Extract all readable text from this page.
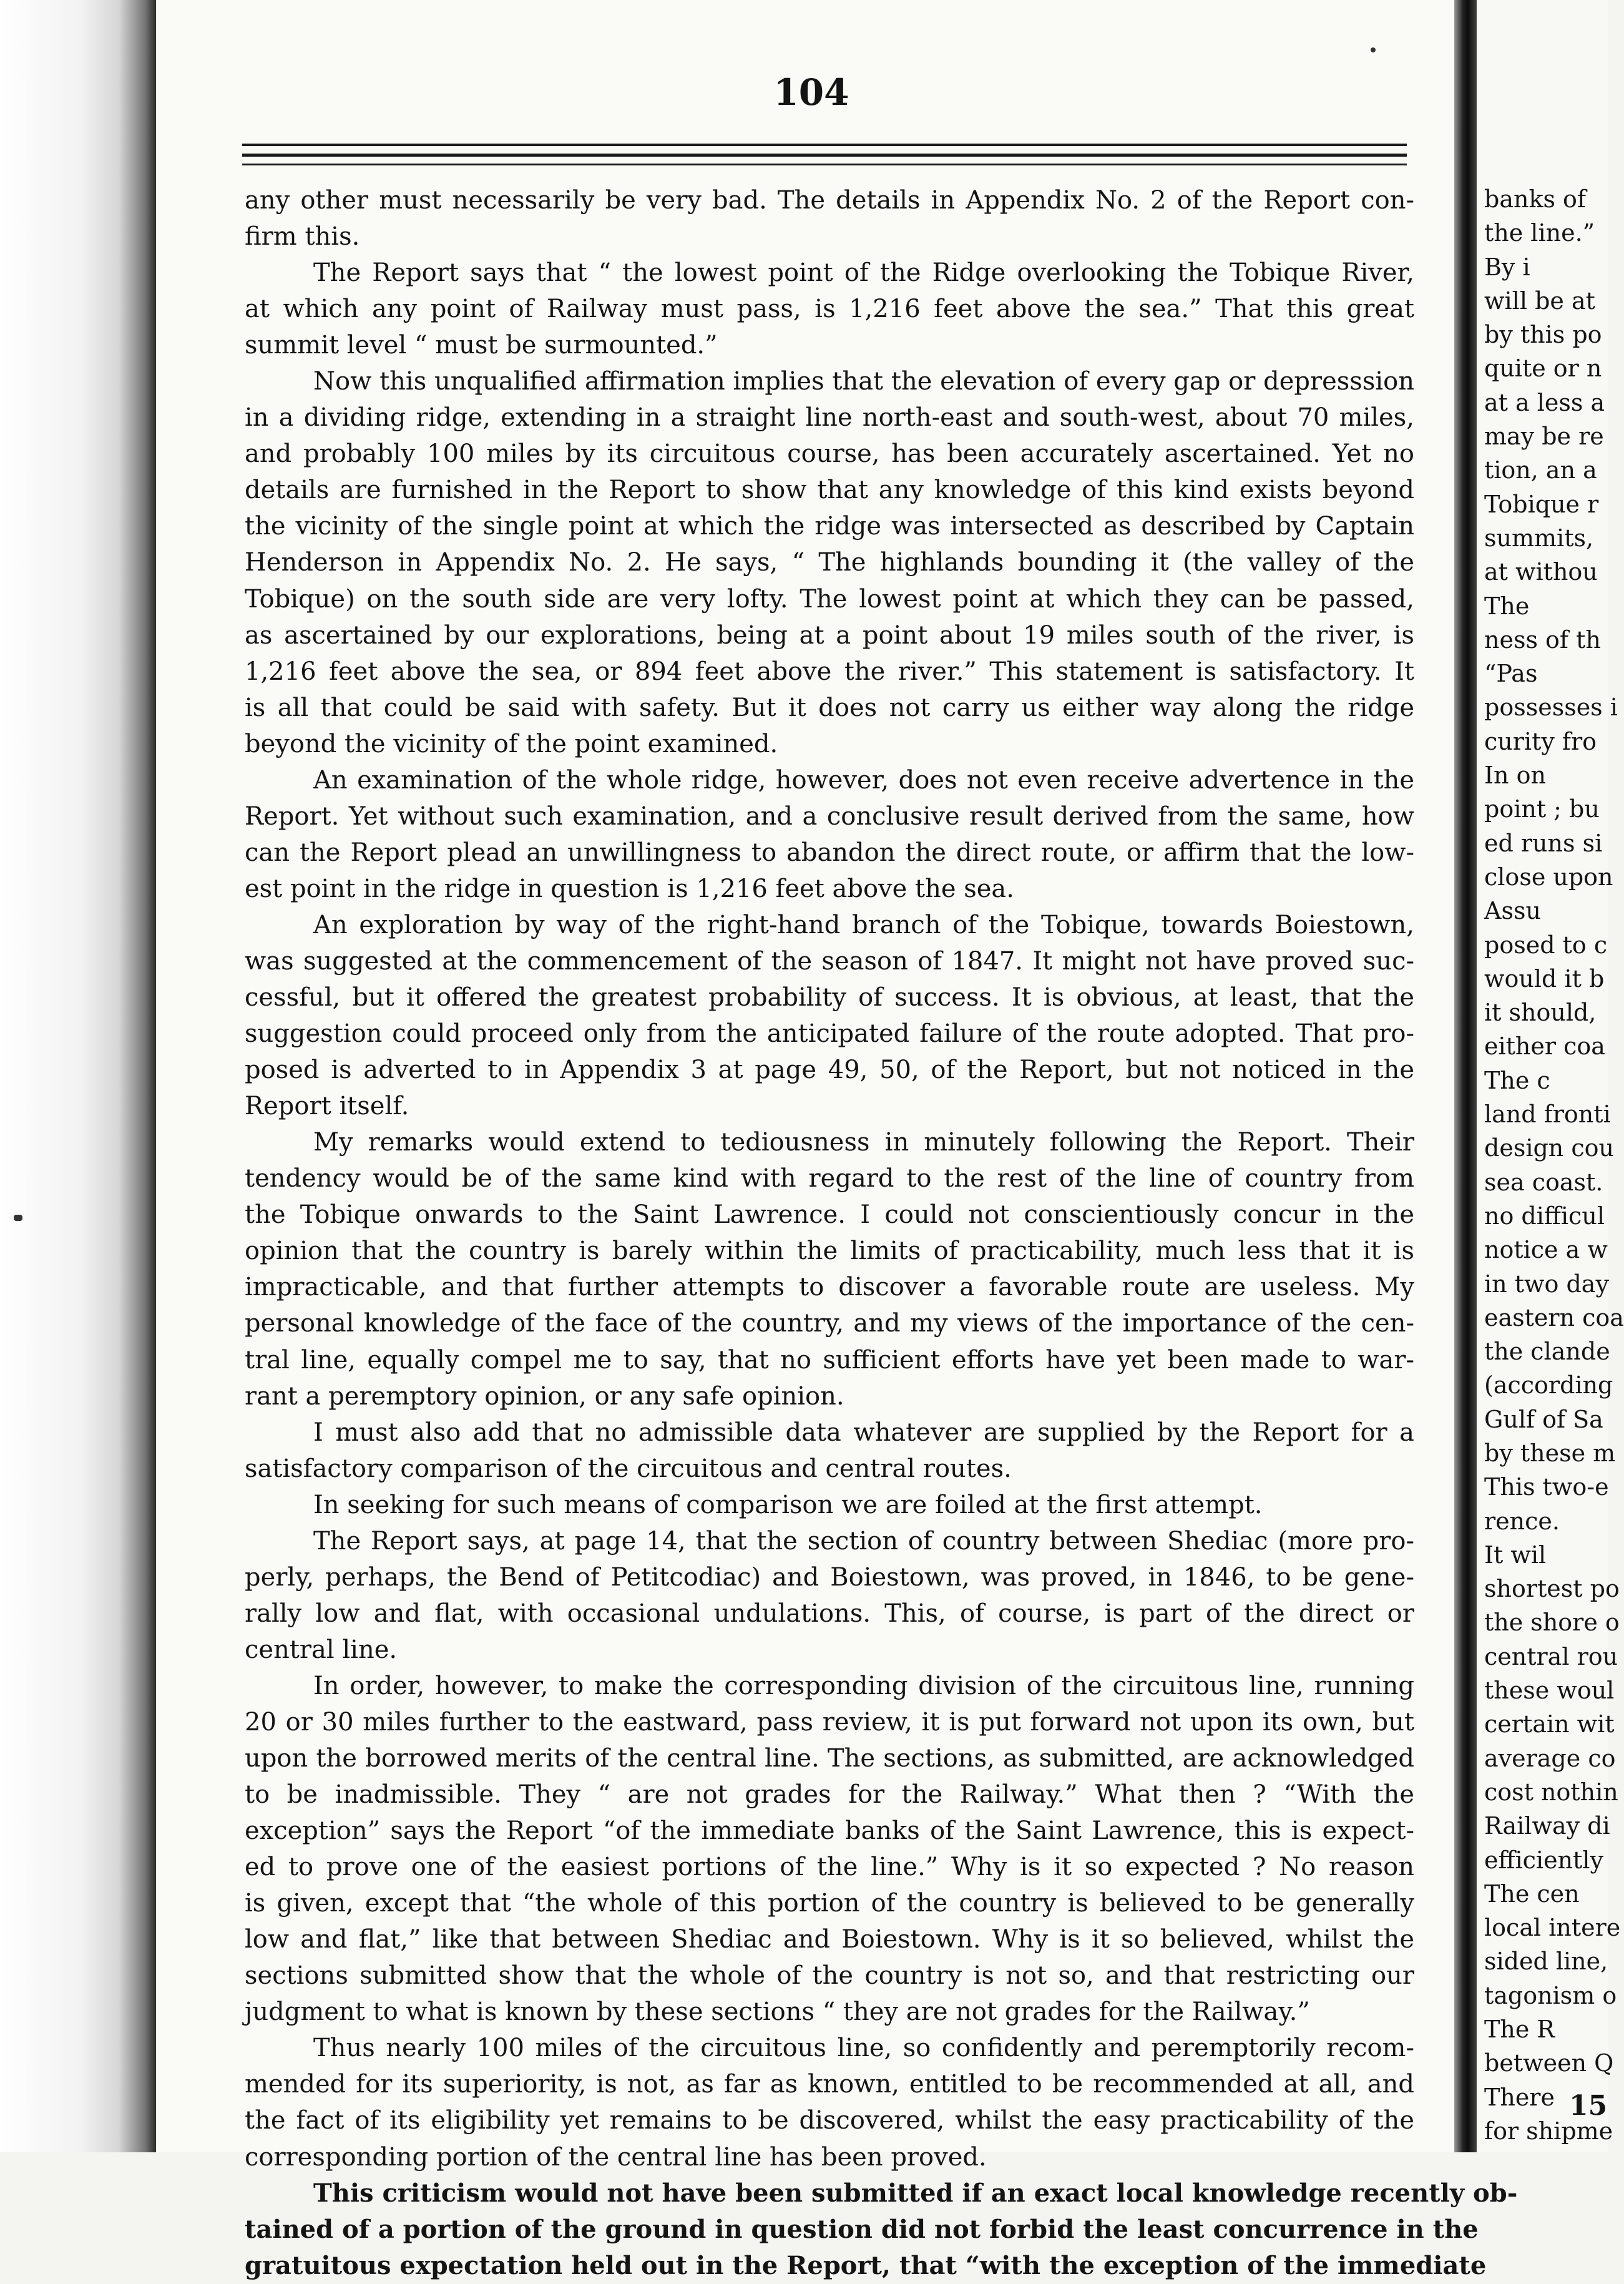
104
any other must necessarily be very bad. The details in Appendix No. 2 of the Report con-
firm this.
The Report says that “ the lowest point of the Ridge overlooking the Tobique River,
at which any point of Railway must pass, is 1,216 feet above the sea.” That this great
summit level “ must be surmounted.”
Now this unqualified affirmation implies that the elevation of every gap or depresssion
in a dividing ridge, extending in a straight line north-east and south-west, about 70 miles,
and probably 100 miles by its circuitous course, has been accurately ascertained. Yet no
details are furnished in the Report to show that any knowledge of this kind exists beyond
the vicinity of the single point at which the ridge was intersected as described by Captain
Henderson in Appendix No. 2. He says, “ The highlands bounding it (the valley of the
Tobique) on the south side are very lofty. The lowest point at which they can be passed,
as ascertained by our explorations, being at a point about 19 miles south of the river, is
1,216 feet above the sea, or 894 feet above the river.” This statement is satisfactory. It
is all that could be said with safety. But it does not carry us either way along the ridge
beyond the vicinity of the point examined.
An examination of the whole ridge, however, does not even receive advertence in the
Report. Yet without such examination, and a conclusive result derived from the same, how
can the Report plead an unwillingness to abandon the direct route, or affirm that the low-
est point in the ridge in question is 1,216 feet above the sea.
An exploration by way of the right-hand branch of the Tobique, towards Boiestown,
was suggested at the commencement of the season of 1847. It might not have proved suc-
cessful, but it offered the greatest probability of success. It is obvious, at least, that the
suggestion could proceed only from the anticipated failure of the route adopted. That pro-
posed is adverted to in Appendix 3 at page 49, 50, of the Report, but not noticed in the
Report itself.
My remarks would extend to tediousness in minutely following the Report. Their
tendency would be of the same kind with regard to the rest of the line of country from
the Tobique onwards to the Saint Lawrence. I could not conscientiously concur in the
opinion that the country is barely within the limits of practicability, much less that it is
impracticable, and that further attempts to discover a favorable route are useless. My
personal knowledge of the face of the country, and my views of the importance of the cen-
tral line, equally compel me to say, that no sufficient efforts have yet been made to war-
rant a peremptory opinion, or any safe opinion.
I must also add that no admissible data whatever are supplied by the Report for a
satisfactory comparison of the circuitous and central routes.
In seeking for such means of comparison we are foiled at the first attempt.
The Report says, at page 14, that the section of country between Shediac (more pro-
perly, perhaps, the Bend of Petitcodiac) and Boiestown, was proved, in 1846, to be gene-
rally low and flat, with occasional undulations. This, of course, is part of the direct or
central line.
In order, however, to make the corresponding division of the circuitous line, running
20 or 30 miles further to the eastward, pass review, it is put forward not upon its own, but
upon the borrowed merits of the central line. The sections, as submitted, are acknowledged
to be inadmissible. They “ are not grades for the Railway.” What then ? “With the
exception” says the Report “of the immediate banks of the Saint Lawrence, this is expect-
ed to prove one of the easiest portions of the line.” Why is it so expected ? No reason
is given, except that “the whole of this portion of the country is believed to be generally
low and flat,” like that between Shediac and Boiestown. Why is it so believed, whilst the
sections submitted show that the whole of the country is not so, and that restricting our
judgment to what is known by these sections “ they are not grades for the Railway.”
Thus nearly 100 miles of the circuitous line, so confidently and peremptorily recom-
mended for its superiority, is not, as far as known, entitled to be recommended at all, and
the fact of its eligibility yet remains to be discovered, whilst the easy practicability of the
corresponding portion of the central line has been proved.
This criticism would not have been submitted if an exact local knowledge recently ob-
tained of a portion of the ground in question did not forbid the least concurrence in the
gratuitous expectation held out in the Report, that “with the exception of the immediate
banks of
the line.”
By i
will be at
by this po
quite or n
at a less a
may be re
tion, an a
Tobique r
summits,
at withou
The
ness of th
“Pas
possesses i
curity fro
In on
point ; bu
ed runs si
close upon
Assu
posed to c
would it b
it should,
either coa
The c
land fronti
design cou
sea coast.
no difficul
notice a w
in two day
eastern coa
the clande
(according
Gulf of Sa
by these m
This two-e
rence.
It wil
shortest po
the shore o
central rou
these woul
certain wit
average co
cost nothin
Railway di
efficiently
The cen
local intere
sided line,
tagonism o
The R
between Q
There
for shipme
15
